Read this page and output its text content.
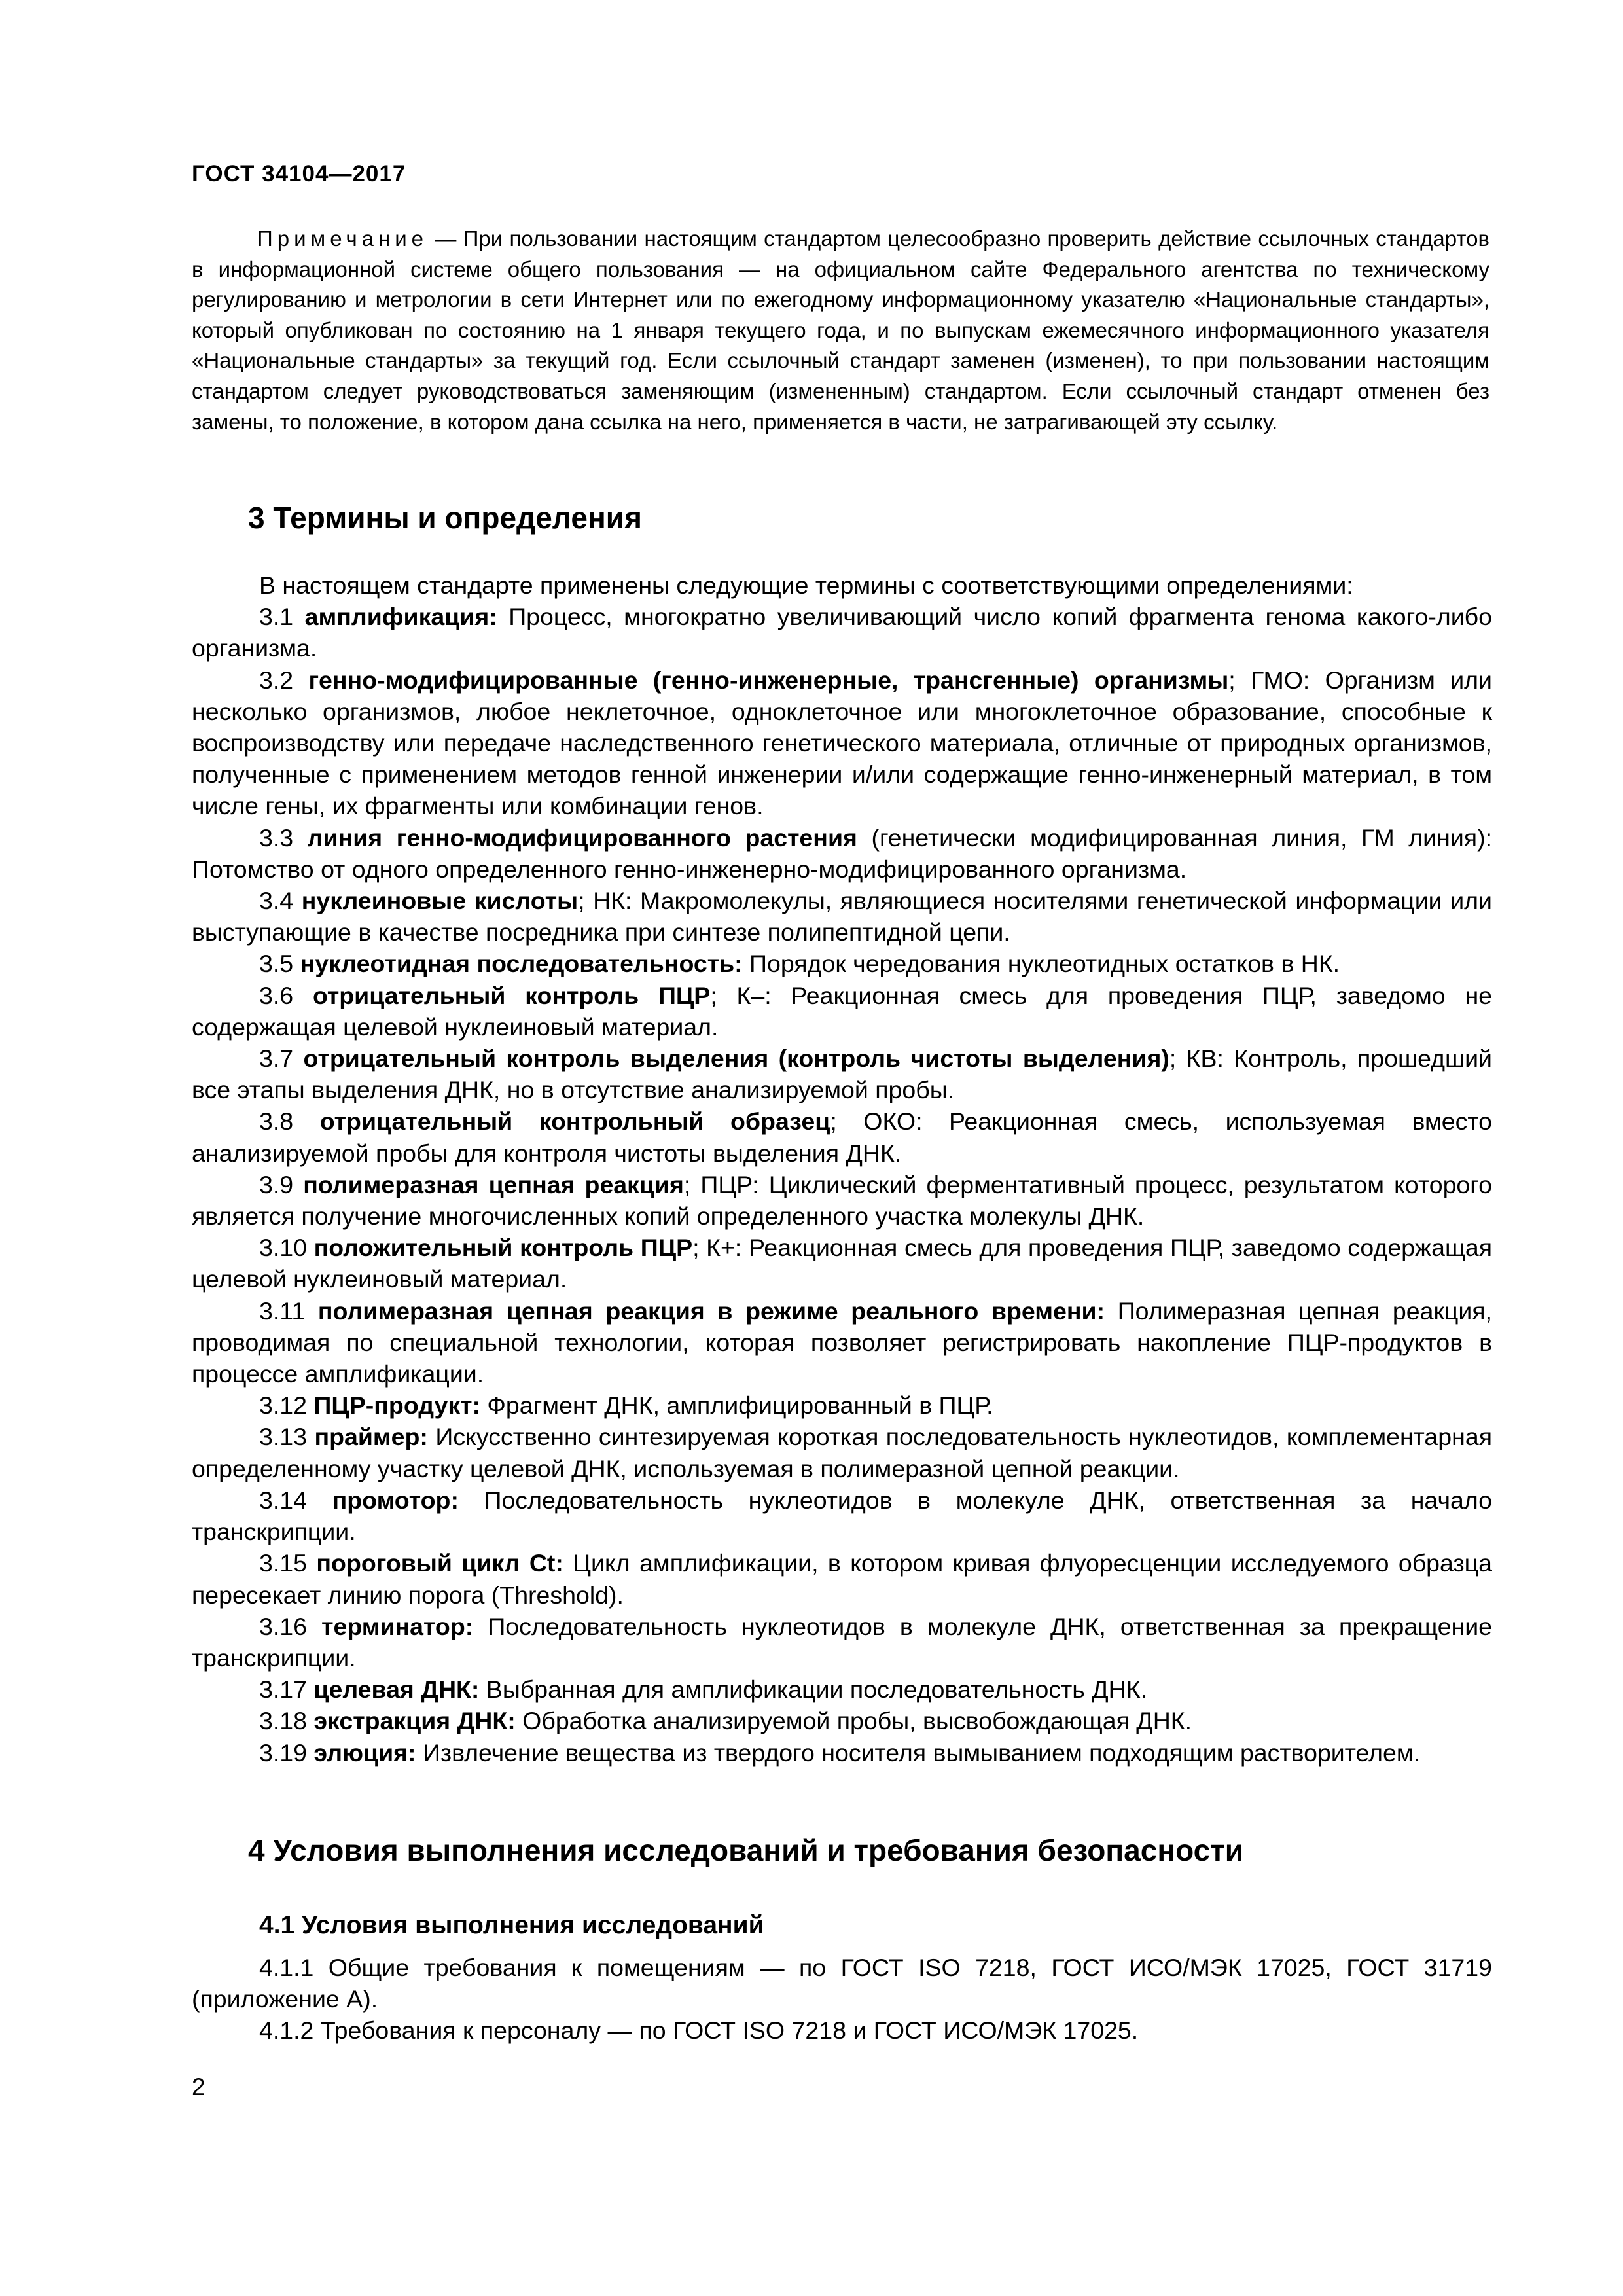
ГОСТ 34104—2017

Примечание — При пользовании настоящим стандартом целесообразно проверить действие ссылочных стандартов в информационной системе общего пользования — на официальном сайте Федерального агентства по техническому регулированию и метрологии в сети Интернет или по ежегодному информационному указателю «Национальные стандарты», который опубликован по состоянию на 1 января текущего года, и по выпускам ежемесячного информационного указателя «Национальные стандарты» за текущий год. Если ссылочный стандарт заменен (изменен), то при пользовании настоящим стандартом следует руководствоваться заменяющим (измененным) стандартом. Если ссылочный стандарт отменен без замены, то положение, в котором дана ссылка на него, применяется в части, не затрагивающей эту ссылку.

3 Термины и определения

В настоящем стандарте применены следующие термины с соответствующими определениями:

3.1 амплификация: Процесс, многократно увеличивающий число копий фрагмента генома какого-либо организма.

3.2 генно-модифицированные (генно-инженерные, трансгенные) организмы; ГМО: Организм или несколько организмов, любое неклеточное, одноклеточное или многоклеточное образование, способные к воспроизводству или передаче наследственного генетического материала, отличные от природных организмов, полученные с применением методов генной инженерии и/или содержащие генно-инженерный материал, в том числе гены, их фрагменты или комбинации генов.

3.3 линия генно-модифицированного растения (генетически модифицированная линия, ГМ линия): Потомство от одного определенного генно-инженерно-модифицированного организма.

3.4 нуклеиновые кислоты; НК: Макромолекулы, являющиеся носителями генетической информации или выступающие в качестве посредника при синтезе полипептидной цепи.

3.5 нуклеотидная последовательность: Порядок чередования нуклеотидных остатков в НК.

3.6 отрицательный контроль ПЦР; К–: Реакционная смесь для проведения ПЦР, заведомо не содержащая целевой нуклеиновый материал.

3.7 отрицательный контроль выделения (контроль чистоты выделения); КВ: Контроль, прошедший все этапы выделения ДНК, но в отсутствие анализируемой пробы.

3.8 отрицательный контрольный образец; ОКО: Реакционная смесь, используемая вместо анализируемой пробы для контроля чистоты выделения ДНК.

3.9 полимеразная цепная реакция; ПЦР: Циклический ферментативный процесс, результатом которого является получение многочисленных копий определенного участка молекулы ДНК.

3.10 положительный контроль ПЦР; К+: Реакционная смесь для проведения ПЦР, заведомо содержащая целевой нуклеиновый материал.

3.11 полимеразная цепная реакция в режиме реального времени: Полимеразная цепная реакция, проводимая по специальной технологии, которая позволяет регистрировать накопление ПЦР-продуктов в процессе амплификации.

3.12 ПЦР-продукт: Фрагмент ДНК, амплифицированный в ПЦР.

3.13 праймер: Искусственно синтезируемая короткая последовательность нуклеотидов, комплементарная определенному участку целевой ДНК, используемая в полимеразной цепной реакции.

3.14 промотор: Последовательность нуклеотидов в молекуле ДНК, ответственная за начало транскрипции.

3.15 пороговый цикл Ct: Цикл амплификации, в котором кривая флуоресценции исследуемого образца пересекает линию порога (Threshold).

3.16 терминатор: Последовательность нуклеотидов в молекуле ДНК, ответственная за прекращение транскрипции.

3.17 целевая ДНК: Выбранная для амплификации последовательность ДНК.

3.18 экстракция ДНК: Обработка анализируемой пробы, высвобождающая ДНК.

3.19 элюция: Извлечение вещества из твердого носителя вымыванием подходящим растворителем.

4 Условия выполнения исследований и требования безопасности
4.1 Условия выполнения исследований

4.1.1 Общие требования к помещениям — по ГОСТ ISO 7218, ГОСТ ИСО/МЭК 17025, ГОСТ 31719 (приложение А).

4.1.2 Требования к персоналу — по ГОСТ ISO 7218 и ГОСТ ИСО/МЭК 17025.

2
